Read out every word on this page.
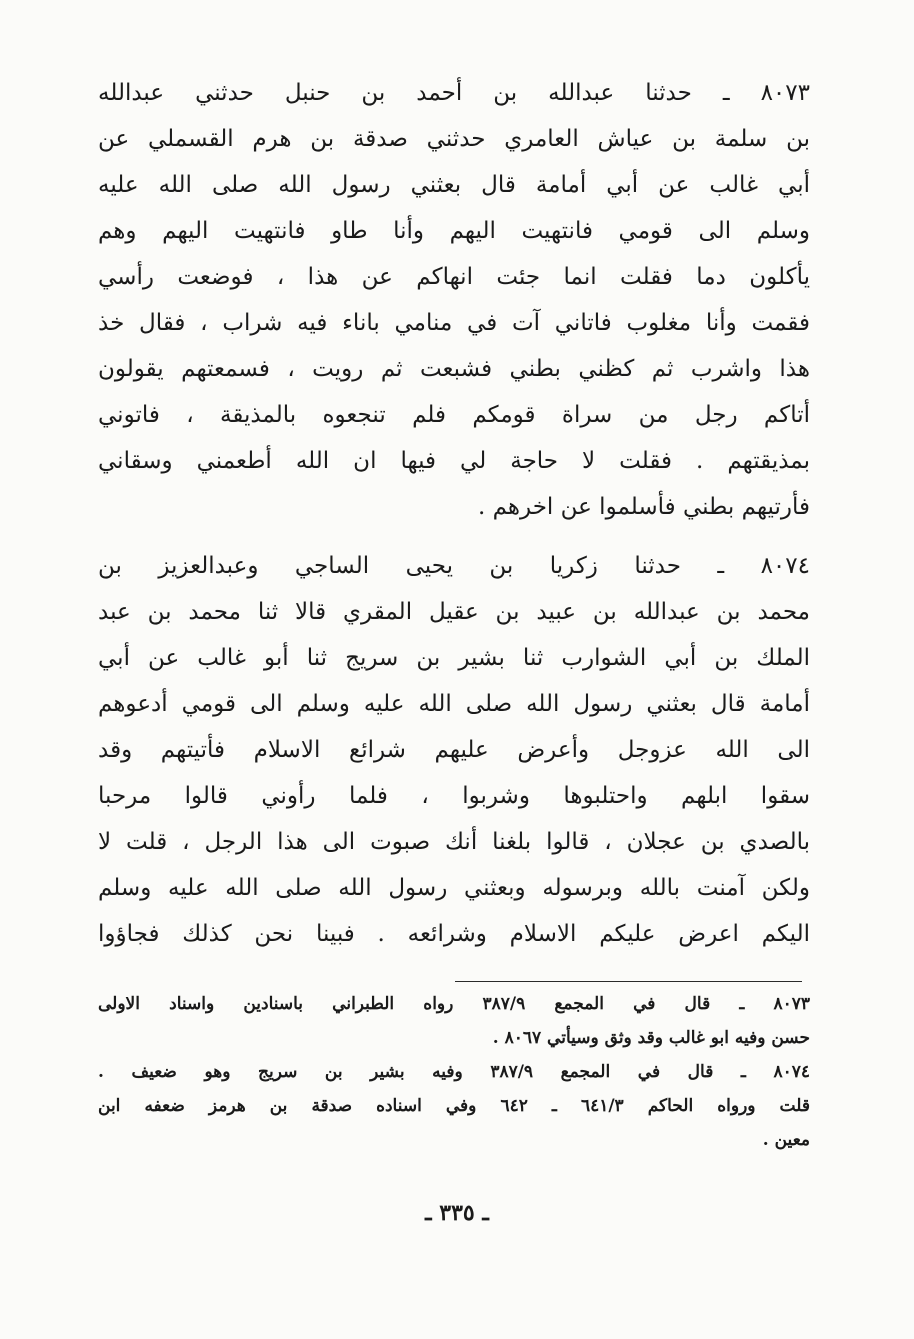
٨٠٧٣ ـ حدثنا عبدالله بن أحمد بن حنبل حدثني عبدالله
بن سلمة بن عياش العامري حدثني صدقة بن هرم القسملي عن
أبي غالب عن أبي أمامة قال بعثني رسول الله صلى الله عليه
وسلم الى قومي فانتهيت اليهم وأنا طاو فانتهيت اليهم وهم
يأكلون دما فقلت انما جئت انهاكم عن هذا ، فوضعت رأسي
فقمت وأنا مغلوب فاتاني آت في منامي باناء فيه شراب ، فقال خذ
هذا واشرب ثم كظني بطني فشبعت ثم رويت ، فسمعتهم يقولون
أتاكم رجل من سراة قومكم فلم تنجعوه بالمذيقة ، فاتوني
بمذيقتهم . فقلت لا حاجة لي فيها ان الله أطعمني وسقاني
فأرتيهم بطني فأسلموا عن اخرهم .
٨٠٧٤ ـ حدثنا زكريا بن يحيى الساجي وعبدالعزيز بن
محمد بن عبدالله بن عبيد بن عقيل المقري قالا ثنا محمد بن عبد
الملك بن أبي الشوارب ثنا بشير بن سريج ثنا أبو غالب عن أبي
أمامة قال بعثني رسول الله صلى الله عليه وسلم الى قومي أدعوهم
الى الله عزوجل وأعرض عليهم شرائع الاسلام فأتيتهم وقد
سقوا ابلهم واحتلبوها وشربوا ، فلما رأوني قالوا مرحبا
بالصدي بن عجلان ، قالوا بلغنا أنك صبوت الى هذا الرجل ، قلت لا
ولكن آمنت بالله وبرسوله وبعثني رسول الله صلى الله عليه وسلم
اليكم اعرض عليكم الاسلام وشرائعه . فبينا نحن كذلك فجاؤوا
٨٠٧٣ ـ قال في المجمع ٣٨٧/٩ رواه الطبراني باسنادين واسناد الاولى
حسن وفيه ابو غالب وقد وثق وسيأتي ٨٠٦٧ .
٨٠٧٤ ـ قال في المجمع ٣٨٧/٩ وفيه بشير بن سريج وهو ضعيف .
قلت ورواه الحاكم ٦٤١/٣ ـ ٦٤٢ وفي اسناده صدقة بن هرمز ضعفه ابن
معين .
ـ ٣٣٥ ـ
